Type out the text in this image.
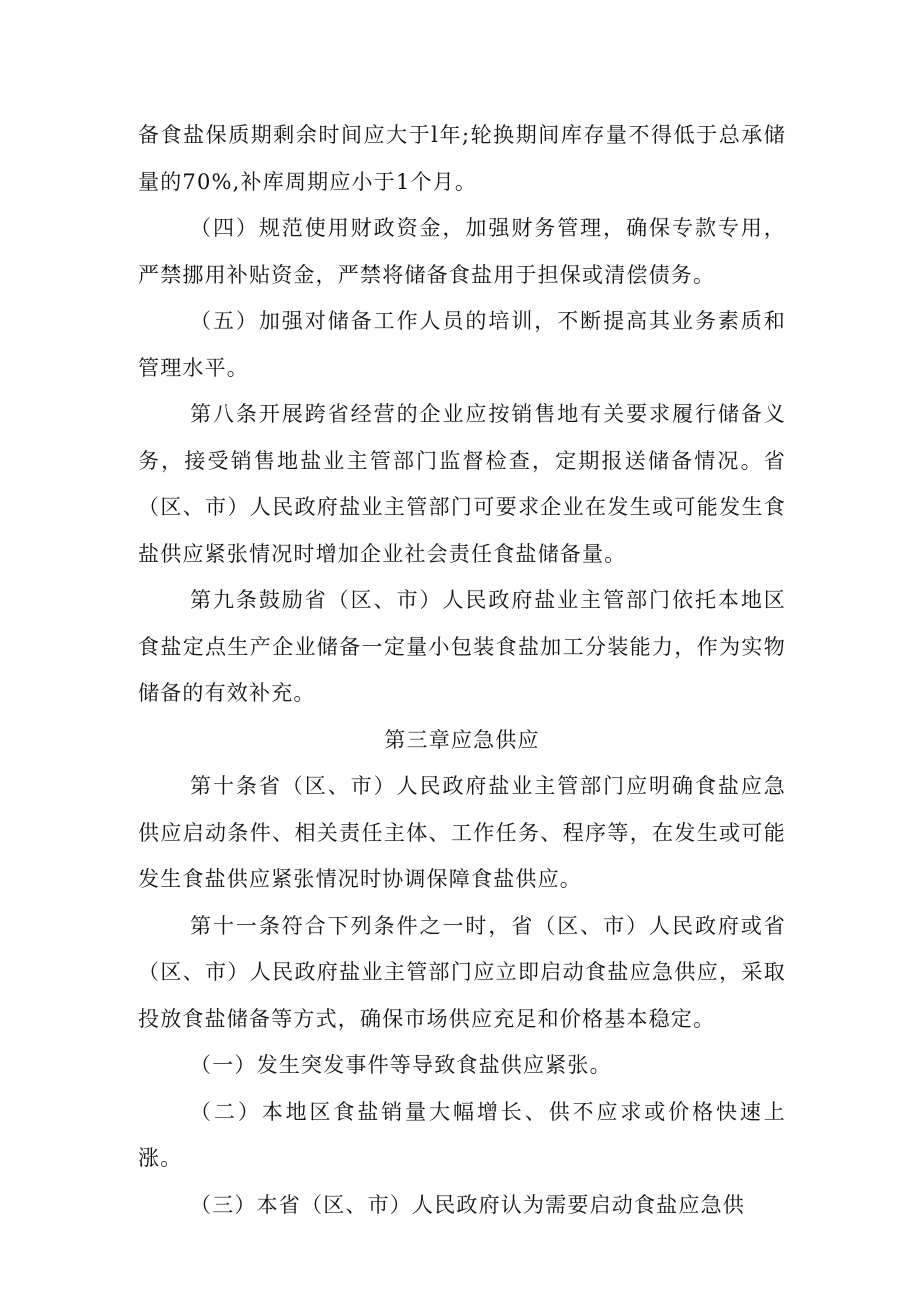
备食盐保质期剩余时间应大于l年;轮换期间库存量不得低于总承储量的70%,补库周期应小于1个月。

（四）规范使用财政资金，加强财务管理，确保专款专用，严禁挪用补贴资金，严禁将储备食盐用于担保或清偿债务。

（五）加强对储备工作人员的培训，不断提高其业务素质和管理水平。

第八条开展跨省经营的企业应按销售地有关要求履行储备义务，接受销售地盐业主管部门监督检查，定期报送储备情况。省（区、市）人民政府盐业主管部门可要求企业在发生或可能发生食盐供应紧张情况时增加企业社会责任食盐储备量。

第九条鼓励省（区、市）人民政府盐业主管部门依托本地区食盐定点生产企业储备一定量小包装食盐加工分装能力，作为实物储备的有效补充。

第三章应急供应

第十条省（区、市）人民政府盐业主管部门应明确食盐应急供应启动条件、相关责任主体、工作任务、程序等，在发生或可能发生食盐供应紧张情况时协调保障食盐供应。

第十一条符合下列条件之一时，省（区、市）人民政府或省（区、市）人民政府盐业主管部门应立即启动食盐应急供应，采取投放食盐储备等方式，确保市场供应充足和价格基本稳定。

（一）发生突发事件等导致食盐供应紧张。

（二）本地区食盐销量大幅增长、供不应求或价格快速上涨。

（三）本省（区、市）人民政府认为需要启动食盐应急供
